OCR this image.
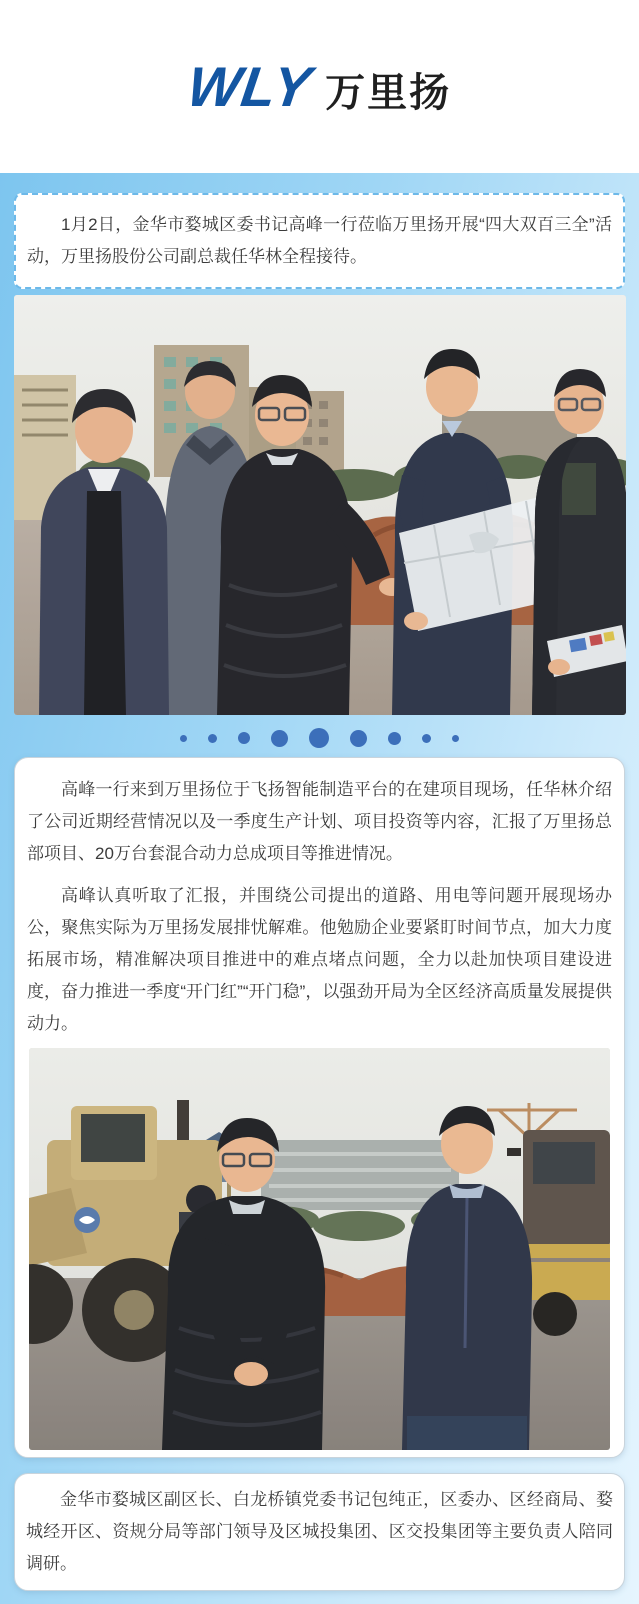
WLY 万里扬

1月2日，金华市婺城区委书记高峰一行莅临万里扬开展“四大双百三全”活动，万里扬股份公司副总裁任华林全程接待。

高峰一行来到万里扬位于飞扬智能制造平台的在建项目现场，任华林介绍了公司近期经营情况以及一季度生产计划、项目投资等内容，汇报了万里扬总部项目、20万台套混合动力总成项目等推进情况。

高峰认真听取了汇报，并围绕公司提出的道路、用电等问题开展现场办公，聚焦实际为万里扬发展排忧解难。他勉励企业要紧盯时间节点，加大力度拓展市场，精准解决项目推进中的难点堵点问题，全力以赴加快项目建设进度，奋力推进一季度“开门红”“开门稳”，以强劲开局为全区经济高质量发展提供动力。

金华市婺城区副区长、白龙桥镇党委书记包纯正，区委办、区经商局、婺城经开区、资规分局等部门领导及区城投集团、区交投集团等主要负责人陪同调研。
